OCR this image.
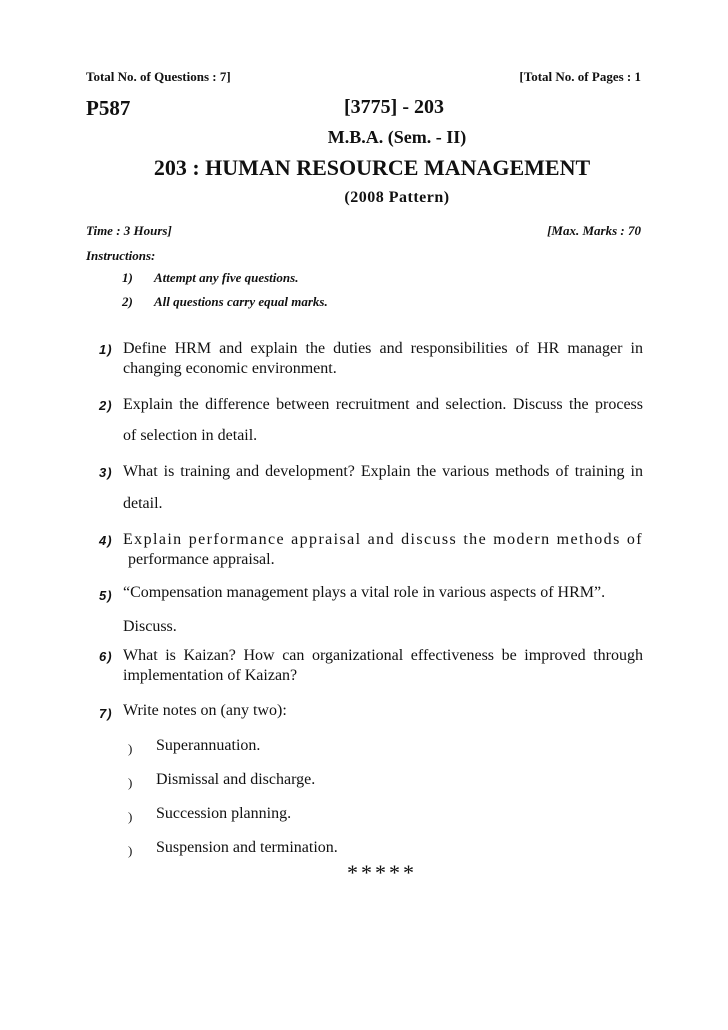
Total No. of Questions : 7]	[Total No. of Pages : 1
P587	[3775] - 203
M.B.A. (Sem. - II)
203 : HUMAN RESOURCE MANAGEMENT
(2008 Pattern)
Time : 3 Hours]	[Max. Marks : 70
Instructions:
1) Attempt any five questions.
2) All questions carry equal marks.
1) Define HRM and explain the duties and responsibilities of HR manager in
changing economic environment.
2) Explain the difference between recruitment and selection. Discuss the process
of selection in detail.
3) What is training and development? Explain the various methods of training in
detail.
4) Explain performance appraisal and discuss the modern methods of
performance appraisal.
5) “Compensation management plays a vital role in various aspects of HRM”.
Discuss.
6) What is Kaizan? How can organizational effectiveness be improved through
implementation of Kaizan?
7) Write notes on (any two):
) Superannuation.
) Dismissal and discharge.
) Succession planning.
) Suspension and termination.
*****
